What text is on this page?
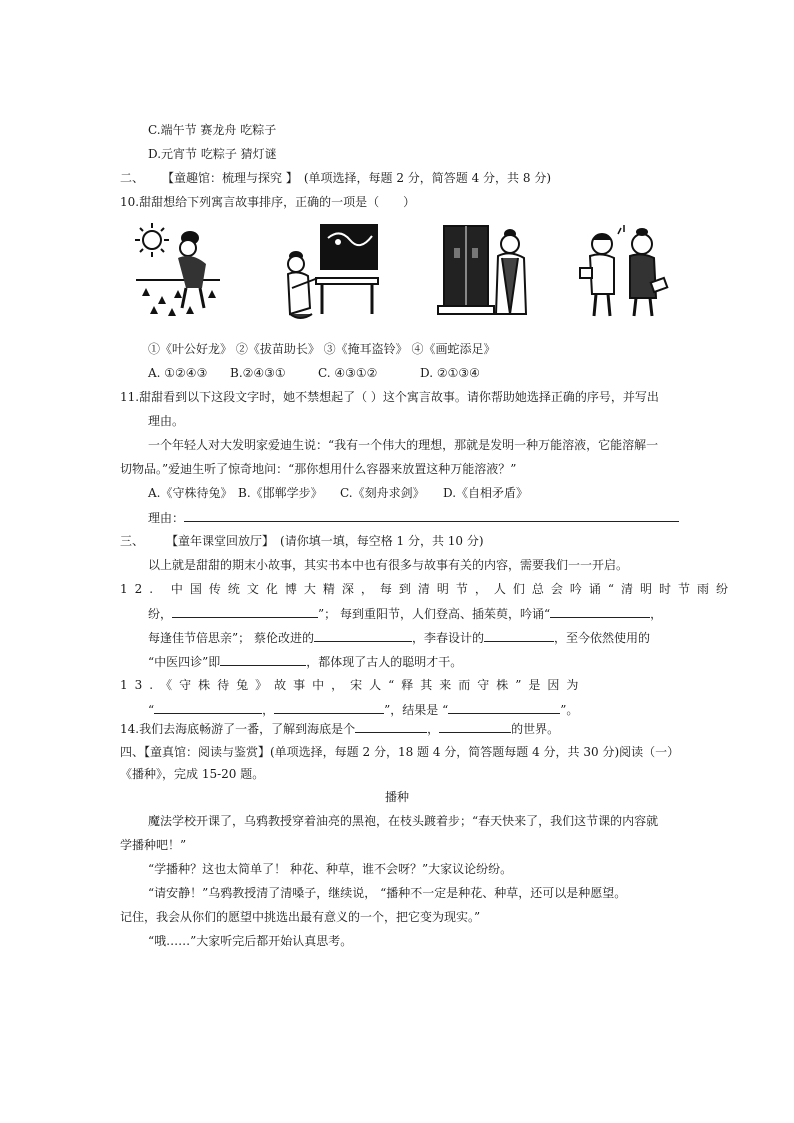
C.端午节 赛龙舟 吃粽子
D.元宵节 吃粽子 猜灯谜
二、 【童趣馆：梳理与探究 】 (单项选择，每题 2 分，简答题 4 分，共 8 分)
10.甜甜想给下列寓言故事排序，正确的一项是（　　）
①《叶公好龙》 ②《拔苗助长》 ③《掩耳盗铃》 ④《画蛇添足》
A. ①②④③ B.②④③①	C. ④③①②	D. ②①③④
11.甜甜看到以下这段文字时，她不禁想起了（ ）这个寓言故事。请你帮助她选择正确的序号，并写出
理由。
一个年轻人对大发明家爱迪生说：“我有一个伟大的理想，那就是发明一种万能溶液，它能溶解一
切物品。”爱迪生听了惊奇地问：“那你想用什么容器来放置这种万能溶液？”
A.《守株待兔》 B.《邯郸学步》 C.《刻舟求剑》 D.《自相矛盾》
理由：
三、 【童年课堂回放厅】 (请你填一填，每空格 1 分，共 10 分)
以上就是甜甜的期末小故事，其实书本中也有很多与故事有关的内容，需要我们一一开启。
12. 中国传统文化博大精深，每到清明节，人们总会吟诵“清明时节雨纷
纷，	”； 每到重阳节，人们登高、插茱萸，吟诵“	，
每逢佳节倍思亲”； 蔡伦改进的	，李春设计的	，至今依然使用的
“中医四诊”即	，都体现了古人的聪明才干。
13.《守株待兔》故事中，宋人“释其来而守株”是因为
“	，	”，结果是 “	”。
14.我们去海底畅游了一番，了解到海底是个	，	的世界。
四、【童真馆：阅读与鉴赏】(单项选择，每题 2 分，18 题 4 分，简答题每题 4 分，共 30 分)阅读（一）
《播种》，完成 15-20 题。
播种
魔法学校开课了，乌鸦教授穿着油亮的黑袍，在枝头踱着步；“春天快来了，我们这节课的内容就
学播种吧！”
“学播种？这也太简单了！ 种花、种草，谁不会呀？”大家议论纷纷。
“请安静！”乌鸦教授清了清嗓子，继续说， “播种不一定是种花、种草，还可以是种愿望。
记住，我会从你们的愿望中挑选出最有意义的一个，把它变为现实。”
“哦……”大家听完后都开始认真思考。
